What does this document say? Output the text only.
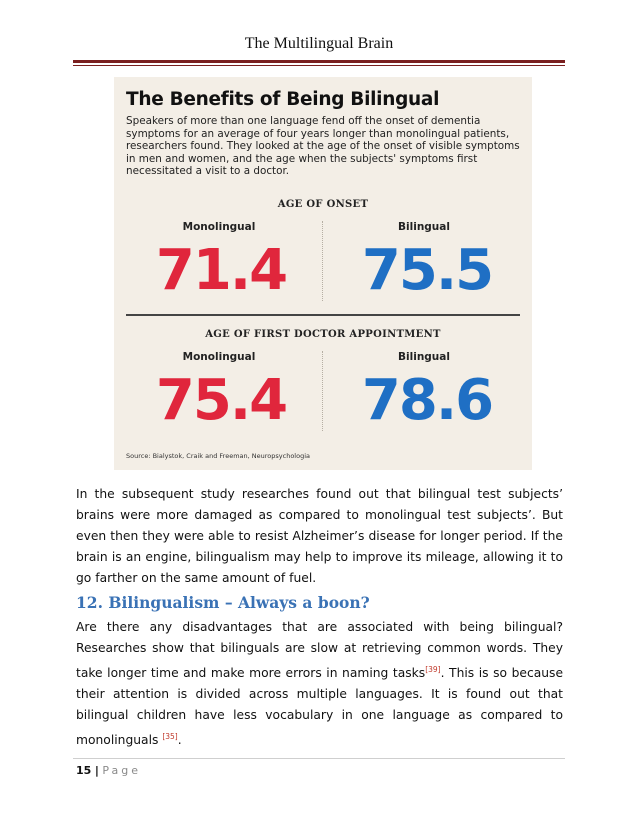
The Multilingual Brain
The Benefits of Being Bilingual
Speakers of more than one language fend off the onset of dementia symptoms for an average of four years longer than monolingual patients, researchers found. They looked at the age of the onset of visible symptoms in men and women, and the age when the subjects' symptoms first necessitated a visit to a doctor.
AGE OF ONSET
Monolingual	Bilingual
71.4	75.5
AGE OF FIRST DOCTOR APPOINTMENT
Monolingual	Bilingual
75.4	78.6
Source: Bialystok, Craik and Freeman, Neuropsychologia
In the subsequent study researches found out that bilingual test subjects’ brains were more damaged as compared to monolingual test subjects’. But even then they were able to resist Alzheimer’s disease for longer period. If the brain is an engine, bilingualism may help to improve its mileage, allowing it to go farther on the same amount of fuel.
12. Bilingualism – Always a boon?
Are there any disadvantages that are associated with being bilingual? Researches show that bilinguals are slow at retrieving common words. They take longer time and make more errors in naming tasks[39]. This is so because their attention is divided across multiple languages. It is found out that bilingual children have less vocabulary in one language as compared to monolinguals [35].
15 | Page
